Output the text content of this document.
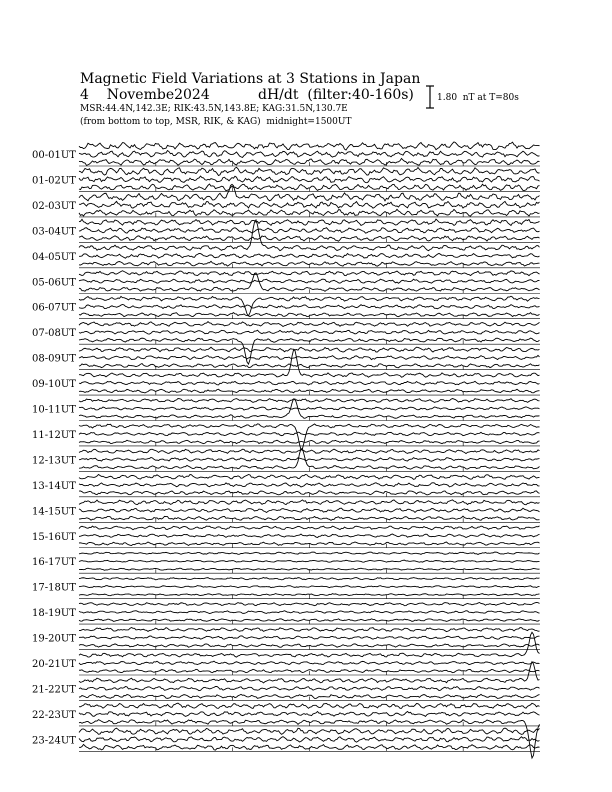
Magnetic Field Variations at 3 Stations in Japan
4    Novembe2024	dH/dt  (filter:40-160s)
MSR:44.4N,142.3E; RIK:43.5N,143.8E; KAG:31.5N,130.7E
(from bottom to top, MSR, RIK, & KAG)  midnight=1500UT
1.80  nT at T=80s
00-01UT
01-02UT
02-03UT
03-04UT
04-05UT
05-06UT
06-07UT
07-08UT
08-09UT
09-10UT
10-11UT
11-12UT
12-13UT
13-14UT
14-15UT
15-16UT
16-17UT
17-18UT
18-19UT
19-20UT
20-21UT
21-22UT
22-23UT
23-24UT
